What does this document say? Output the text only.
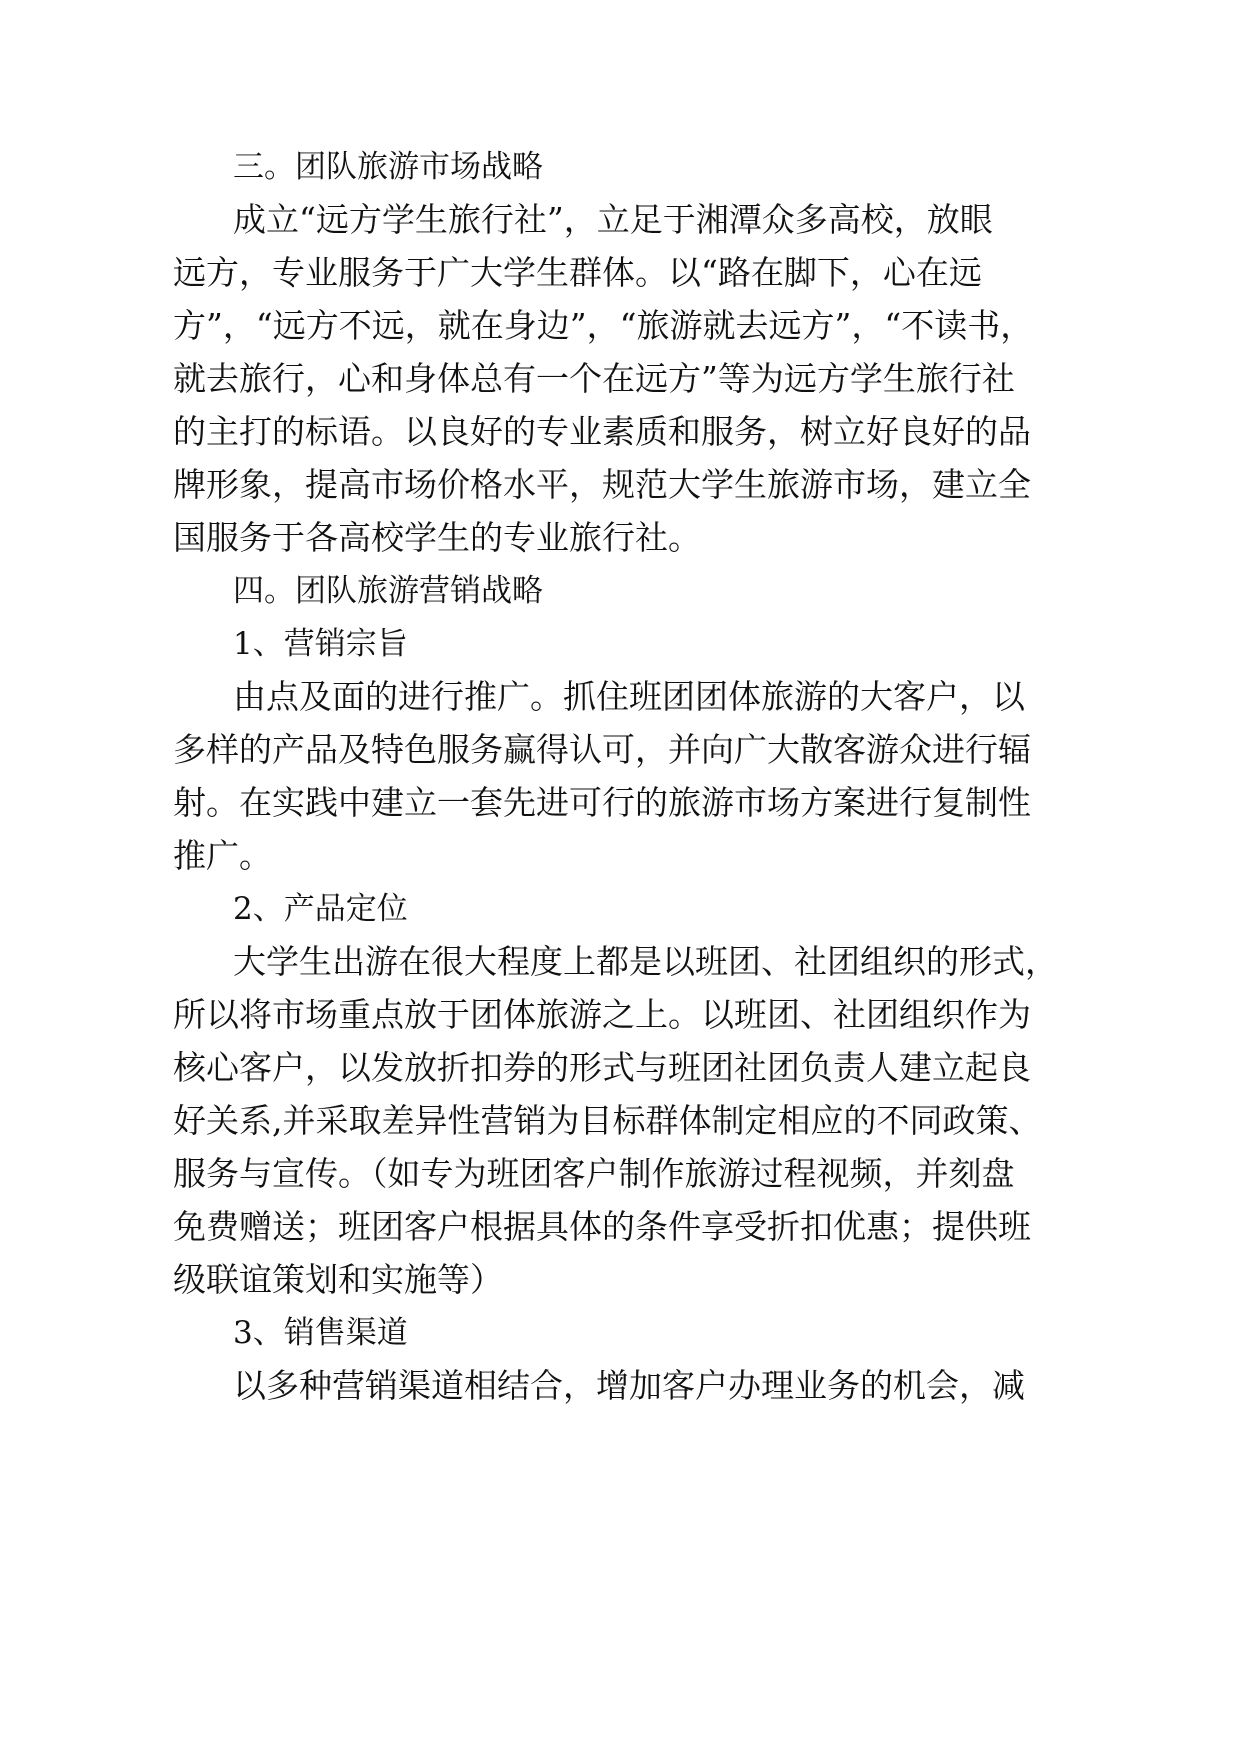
三。团队旅游市场战略
成立“远方学生旅行社”，立足于湘潭众多高校，放眼
远方，专业服务于广大学生群体。以“路在脚下，心在远
方”，“远方不远，就在身边”，“旅游就去远方”，“不读书，
就去旅行，心和身体总有一个在远方”等为远方学生旅行社
的主打的标语。以良好的专业素质和服务，树立好良好的品
牌形象，提高市场价格水平，规范大学生旅游市场，建立全
国服务于各高校学生的专业旅行社。
四。团队旅游营销战略
1、营销宗旨
由点及面的进行推广。抓住班团团体旅游的大客户，以
多样的产品及特色服务赢得认可，并向广大散客游众进行辐
射。在实践中建立一套先进可行的旅游市场方案进行复制性
推广。
2、产品定位
大学生出游在很大程度上都是以班团、社团组织的形式，
所以将市场重点放于团体旅游之上。以班团、社团组织作为
核心客户，以发放折扣券的形式与班团社团负责人建立起良
好关系,并采取差异性营销为目标群体制定相应的不同政策、
服务与宣传。（如专为班团客户制作旅游过程视频，并刻盘
免费赠送；班团客户根据具体的条件享受折扣优惠；提供班
级联谊策划和实施等）
3、销售渠道
以多种营销渠道相结合，增加客户办理业务的机会，减
